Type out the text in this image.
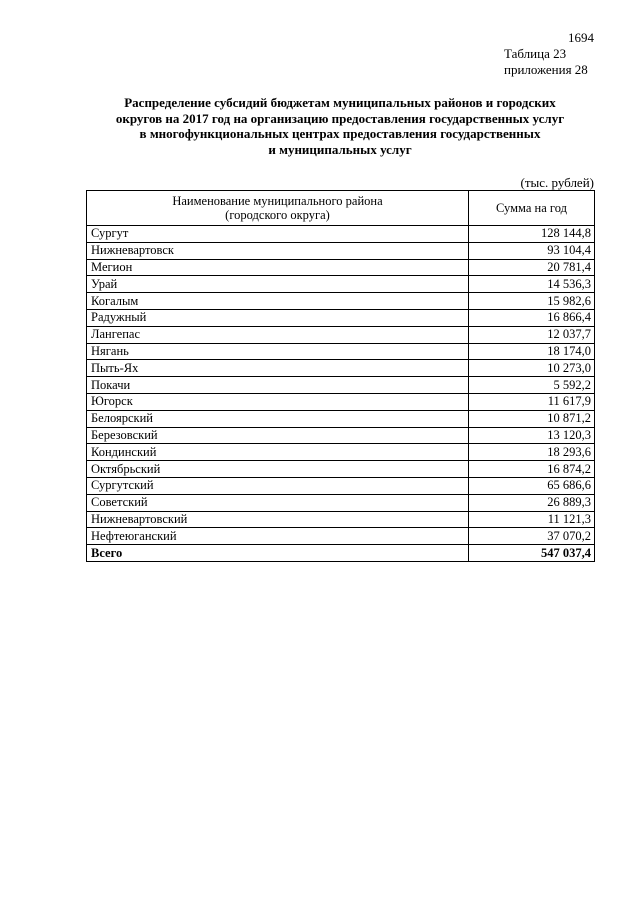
1694
Таблица 23
приложения 28
Распределение субсидий бюджетам муниципальных районов и городских
округов на 2017 год на организацию предоставления государственных услуг
в многофункциональных центрах предоставления государственных
и муниципальных услуг
(тыс. рублей)
Наименование муниципального района
(городского округа)	Сумма на год
Сургут	128 144,8
Нижневартовск	93 104,4
Мегион	20 781,4
Урай	14 536,3
Когалым	15 982,6
Радужный	16 866,4
Лангепас	12 037,7
Нягань	18 174,0
Пыть-Ях	10 273,0
Покачи	5 592,2
Югорск	11 617,9
Белоярский	10 871,2
Березовский	13 120,3
Кондинский	18 293,6
Октябрьский	16 874,2
Сургутский	65 686,6
Советский	26 889,3
Нижневартовский	11 121,3
Нефтеюганский	37 070,2
Всего	547 037,4
